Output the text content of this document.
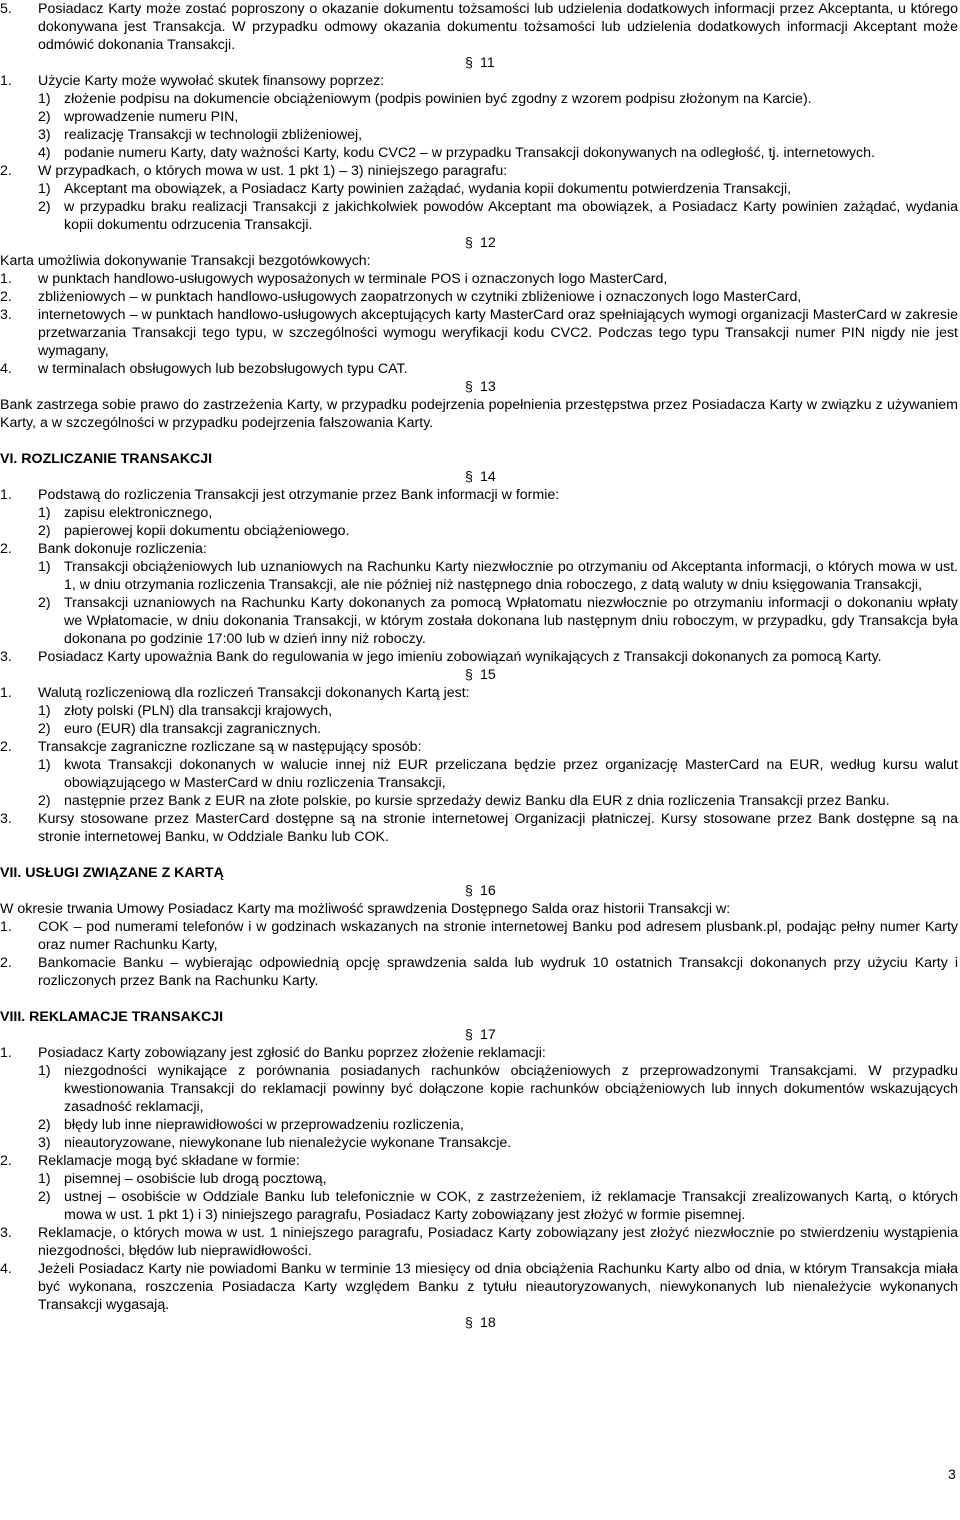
5. Posiadacz Karty może zostać poproszony o okazanie dokumentu tożsamości lub udzielenia dodatkowych informacji przez Akceptanta, u którego dokonywana jest Transakcja. W przypadku odmowy okazania dokumentu tożsamości lub udzielenia dodatkowych informacji Akceptant może odmówić dokonania Transakcji.
§ 11
1. Użycie Karty może wywołać skutek finansowy poprzez:
1) złożenie podpisu na dokumencie obciążeniowym (podpis powinien być zgodny z wzorem podpisu złożonym na Karcie).
2) wprowadzenie numeru PIN,
3) realizację Transakcji w technologii zbliżeniowej,
4) podanie numeru Karty, daty ważności Karty, kodu CVC2 – w przypadku Transakcji dokonywanych na odległość, tj. internetowych.
2. W przypadkach, o których mowa w ust. 1 pkt 1) – 3) niniejszego paragrafu:
1) Akceptant ma obowiązek, a Posiadacz Karty powinien zażądać, wydania kopii dokumentu potwierdzenia Transakcji,
2) w przypadku braku realizacji Transakcji z jakichkolwiek powodów Akceptant ma obowiązek, a Posiadacz Karty powinien zażądać, wydania kopii dokumentu odrzucenia Transakcji.
§ 12
Karta umożliwia dokonywanie Transakcji bezgotówkowych:
1. w punktach handlowo-usługowych wyposażonych w terminale POS i oznaczonych logo MasterCard,
2. zbliżeniowych – w punktach handlowo-usługowych zaopatrzonych w czytniki zbliżeniowe i oznaczonych logo MasterCard,
3. internetowych – w punktach handlowo-usługowych akceptujących karty MasterCard oraz spełniających wymogi organizacji MasterCard w zakresie przetwarzania Transakcji tego typu, w szczególności wymogu weryfikacji kodu CVC2. Podczas tego typu Transakcji numer PIN nigdy nie jest wymagany,
4. w terminalach obsługowych lub bezobsługowych typu CAT.
§ 13
Bank zastrzega sobie prawo do zastrzeżenia Karty, w przypadku podejrzenia popełnienia przestępstwa przez Posiadacza Karty w związku z używaniem Karty, a w szczególności w przypadku podejrzenia fałszowania Karty.
VI. ROZLICZANIE TRANSAKCJI
§ 14
1. Podstawą do rozliczenia Transakcji jest otrzymanie przez Bank informacji w formie:
1) zapisu elektronicznego,
2) papierowej kopii dokumentu obciążeniowego.
2. Bank dokonuje rozliczenia:
1) Transakcji obciążeniowych lub uznaniowych na Rachunku Karty niezwłocznie po otrzymaniu od Akceptanta informacji, o których mowa w ust. 1, w dniu otrzymania rozliczenia Transakcji, ale nie później niż następnego dnia roboczego, z datą waluty w dniu księgowania Transakcji,
2) Transakcji uznaniowych na Rachunku Karty dokonanych za pomocą Wpłatomatu niezwłocznie po otrzymaniu informacji o dokonaniu wpłaty we Wpłatomacie, w dniu dokonania Transakcji, w którym została dokonana lub następnym dniu roboczym, w przypadku, gdy Transakcja była dokonana po godzinie 17:00 lub w dzień inny niż roboczy.
3. Posiadacz Karty upoważnia Bank do regulowania w jego imieniu zobowiązań wynikających z Transakcji dokonanych za pomocą Karty.
§ 15
1. Walutą rozliczeniową dla rozliczeń Transakcji dokonanych Kartą jest:
1) złoty polski (PLN) dla transakcji krajowych,
2) euro (EUR) dla transakcji zagranicznych.
2. Transakcje zagraniczne rozliczane są w następujący sposób:
1) kwota Transakcji dokonanych w walucie innej niż EUR przeliczana będzie przez organizację MasterCard na EUR, według kursu walut obowiązującego w MasterCard w dniu rozliczenia Transakcji,
2) następnie przez Bank z EUR na złote polskie, po kursie sprzedaży dewiz Banku dla EUR z dnia rozliczenia Transakcji przez Banku.
3. Kursy stosowane przez MasterCard dostępne są na stronie internetowej Organizacji płatniczej. Kursy stosowane przez Bank dostępne są na stronie internetowej Banku, w Oddziale Banku lub COK.
VII. USŁUGI ZWIĄZANE Z KARTĄ
§ 16
W okresie trwania Umowy Posiadacz Karty ma możliwość sprawdzenia Dostępnego Salda oraz historii Transakcji w:
1. COK – pod numerami telefonów i w godzinach wskazanych na stronie internetowej Banku pod adresem plusbank.pl, podając pełny numer Karty oraz numer Rachunku Karty,
2. Bankomacie Banku – wybierając odpowiednią opcję sprawdzenia salda lub wydruk 10 ostatnich Transakcji dokonanych przy użyciu Karty i rozliczonych przez Bank na Rachunku Karty.
VIII. REKLAMACJE TRANSAKCJI
§ 17
1. Posiadacz Karty zobowiązany jest zgłosić do Banku poprzez złożenie reklamacji:
1) niezgodności wynikające z porównania posiadanych rachunków obciążeniowych z przeprowadzonymi Transakcjami. W przypadku kwestionowania Transakcji do reklamacji powinny być dołączone kopie rachunków obciążeniowych lub innych dokumentów wskazujących zasadność reklamacji,
2) błędy lub inne nieprawidłowości w przeprowadzeniu rozliczenia,
3) nieautoryzowane, niewykonane lub nienależycie wykonane Transakcje.
2. Reklamacje mogą być składane w formie:
1) pisemnej – osobiście lub drogą pocztową,
2) ustnej – osobiście w Oddziale Banku lub telefonicznie w COK, z zastrzeżeniem, iż reklamacje Transakcji zrealizowanych Kartą, o których mowa w ust. 1 pkt 1) i 3) niniejszego paragrafu, Posiadacz Karty zobowiązany jest złożyć w formie pisemnej.
3. Reklamacje, o których mowa w ust. 1 niniejszego paragrafu, Posiadacz Karty zobowiązany jest złożyć niezwłocznie po stwierdzeniu wystąpienia niezgodności, błędów lub nieprawidłowości.
4. Jeżeli Posiadacz Karty nie powiadomi Banku w terminie 13 miesięcy od dnia obciążenia Rachunku Karty albo od dnia, w którym Transakcja miała być wykonana, roszczenia Posiadacza Karty względem Banku z tytułu nieautoryzowanych, niewykonanych lub nienależycie wykonanych Transakcji wygasają.
§ 18
3
